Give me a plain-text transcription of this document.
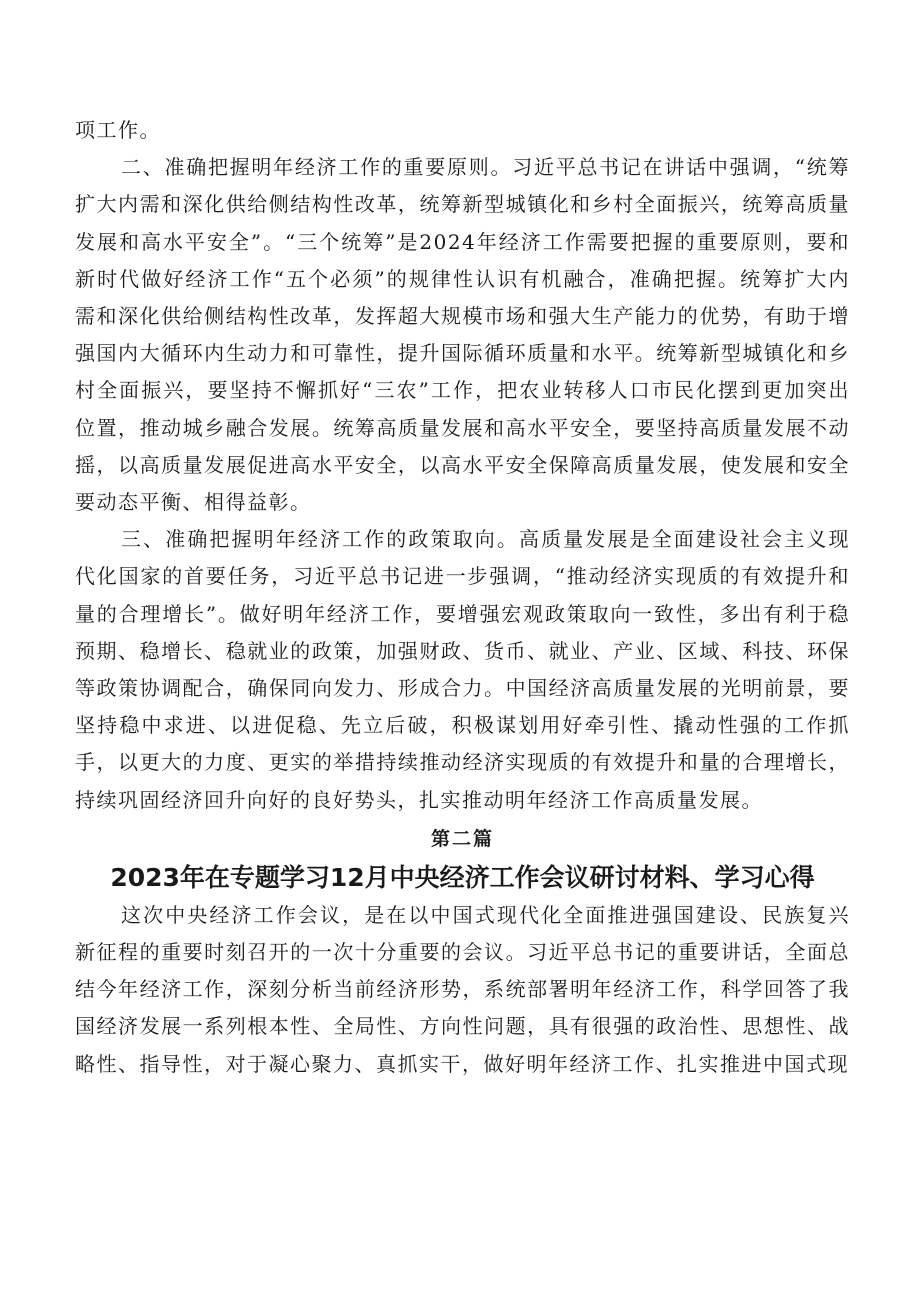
项工作。

二、准确把握明年经济工作的重要原则。习近平总书记在讲话中强调，“统筹扩大内需和深化供给侧结构性改革，统筹新型城镇化和乡村全面振兴，统筹高质量发展和高水平安全”。“三个统筹”是2024年经济工作需要把握的重要原则，要和新时代做好经济工作“五个必须”的规律性认识有机融合，准确把握。统筹扩大内需和深化供给侧结构性改革，发挥超大规模市场和强大生产能力的优势，有助于增强国内大循环内生动力和可靠性，提升国际循环质量和水平。统筹新型城镇化和乡村全面振兴，要坚持不懈抓好“三农”工作，把农业转移人口市民化摆到更加突出位置，推动城乡融合发展。统筹高质量发展和高水平安全，要坚持高质量发展不动摇，以高质量发展促进高水平安全，以高水平安全保障高质量发展，使发展和安全要动态平衡、相得益彰。

三、准确把握明年经济工作的政策取向。高质量发展是全面建设社会主义现代化国家的首要任务，习近平总书记进一步强调，“推动经济实现质的有效提升和量的合理增长”。做好明年经济工作，要增强宏观政策取向一致性，多出有利于稳预期、稳增长、稳就业的政策，加强财政、货币、就业、产业、区域、科技、环保等政策协调配合，确保同向发力、形成合力。中国经济高质量发展的光明前景，要坚持稳中求进、以进促稳、先立后破，积极谋划用好牵引性、撬动性强的工作抓手，以更大的力度、更实的举措持续推动经济实现质的有效提升和量的合理增长，持续巩固经济回升向好的良好势头，扎实推动明年经济工作高质量发展。

第二篇

2023年在专题学习12月中央经济工作会议研讨材料、学习心得

这次中央经济工作会议，是在以中国式现代化全面推进强国建设、民族复兴新征程的重要时刻召开的一次十分重要的会议。习近平总书记的重要讲话，全面总结今年经济工作，深刻分析当前经济形势，系统部署明年经济工作，科学回答了我国经济发展一系列根本性、全局性、方向性问题，具有很强的政治性、思想性、战略性、指导性，对于凝心聚力、真抓实干，做好明年经济工作、扎实推进中国式现
